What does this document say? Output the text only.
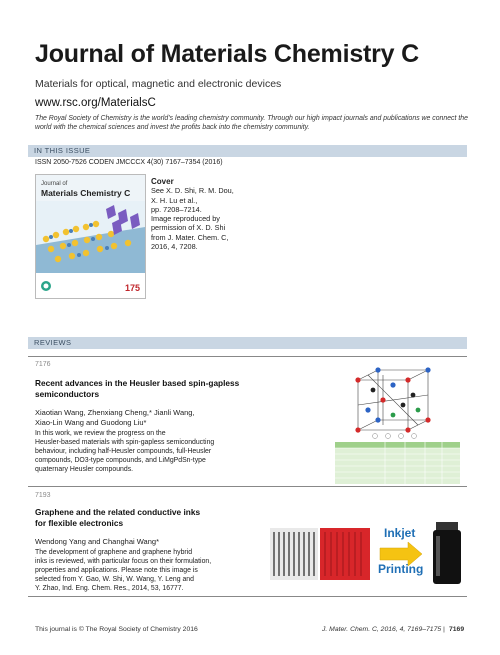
Journal of Materials Chemistry C
Materials for optical, magnetic and electronic devices
www.rsc.org/MaterialsC
The Royal Society of Chemistry is the world’s leading chemistry community. Through our high impact journals and publications we connect the world with the chemical sciences and invest the profits back into the chemistry community.
IN THIS ISSUE
ISSN 2050-7526 CODEN JMCCCX 4(30) 7167–7354 (2016)
Journal of
Materials Chemistry C
175
Cover
See X. D. Shi, R. M. Dou,
X. H. Lu et al.,
pp. 7208–7214.
Image reproduced by
permission of X. D. Shi
from J. Mater. Chem. C,
2016, 4, 7208.
REVIEWS
7176
Recent advances in the Heusler based spin-gapless
semiconductors
Xiaotian Wang, Zhenxiang Cheng,* Jianli Wang,
Xiao-Lin Wang and Guodong Liu*
In this work, we review the progress on the
Heusler-based materials with spin-gapless semiconducting
behaviour, including half-Heusler compounds, full-Heusler
compounds, DO3-type compounds, and LiMgPdSn-type
quaternary Heusler compounds.
7193
Graphene and the related conductive inks
for flexible electronics
Wendong Yang and Changhai Wang*
The development of graphene and graphene hybrid
inks is reviewed, with particular focus on their formulation,
properties and applications. Please note this image is
selected from Y. Gao, W. Shi, W. Wang, Y. Leng and
Y. Zhao, Ind. Eng. Chem. Res., 2014, 53, 16777.
Inkjet
Printing
This journal is © The Royal Society of Chemistry 2016	J. Mater. Chem. C, 2016, 4, 7169–7175 | 7169
